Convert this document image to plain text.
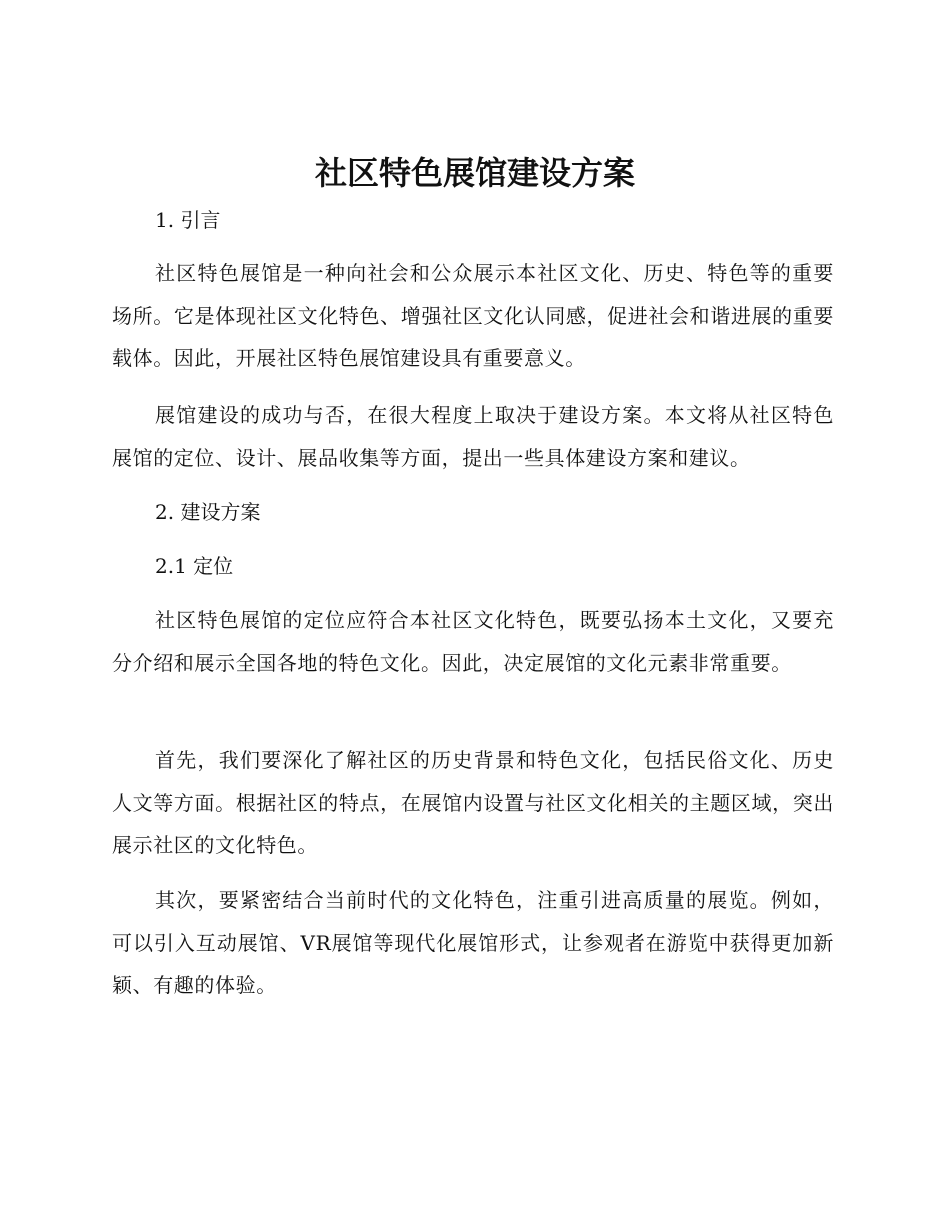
社区特色展馆建设方案
1. 引言

社区特色展馆是一种向社会和公众展示本社区文化、历史、特色等的重要场所。它是体现社区文化特色、增强社区文化认同感，促进社会和谐进展的重要载体。因此，开展社区特色展馆建设具有重要意义。

展馆建设的成功与否，在很大程度上取决于建设方案。本文将从社区特色展馆的定位、设计、展品收集等方面，提出一些具体建设方案和建议。

2. 建设方案
2.1 定位

社区特色展馆的定位应符合本社区文化特色，既要弘扬本土文化，又要充分介绍和展示全国各地的特色文化。因此，决定展馆的文化元素非常重要。

首先，我们要深化了解社区的历史背景和特色文化，包括民俗文化、历史人文等方面。根据社区的特点，在展馆内设置与社区文化相关的主题区域，突出展示社区的文化特色。

其次，要紧密结合当前时代的文化特色，注重引进高质量的展览。例如，可以引入互动展馆、VR展馆等现代化展馆形式，让参观者在游览中获得更加新颖、有趣的体验。
